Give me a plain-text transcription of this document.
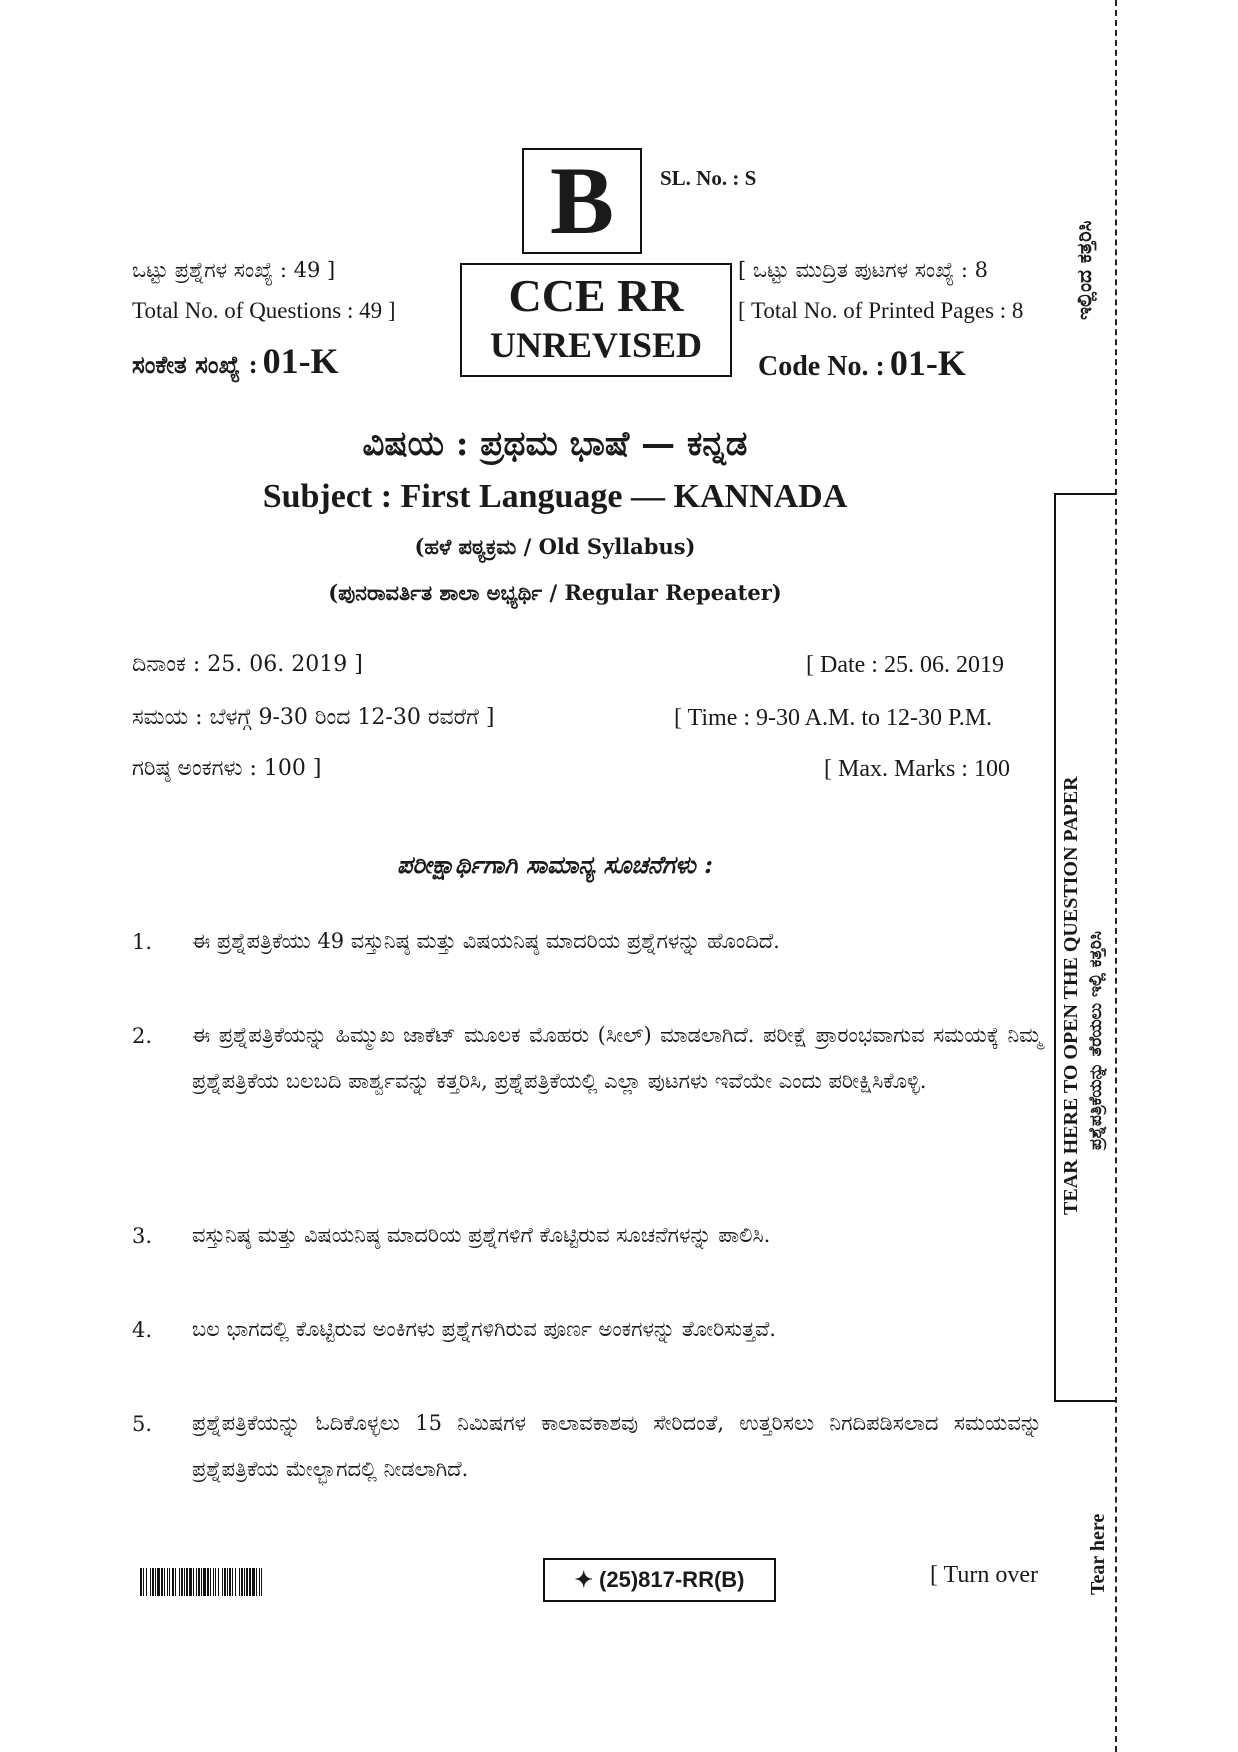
B	SL. No. : S
ಒಟ್ಟು ಪ್ರಶ್ನೆಗಳ ಸಂಖ್ಯೆ : 49 ]
Total No. of Questions : 49 ]
ಸಂಕೇತ ಸಂಖ್ಯೆ : 01-K
CCE RR
UNREVISED
[ ಒಟ್ಟು ಮುದ್ರಿತ ಪುಟಗಳ ಸಂಖ್ಯೆ : 8
[ Total No. of Printed Pages : 8
Code No. : 01-K
ವಿಷಯ : ಪ್ರಥಮ ಭಾಷೆ — ಕನ್ನಡ
Subject : First Language — KANNADA
(ಹಳೆ ಪಠ್ಯಕ್ರಮ / Old Syllabus)
(ಪುನರಾವರ್ತಿತ ಶಾಲಾ ಅಭ್ಯರ್ಥಿ / Regular Repeater)
ದಿನಾಂಕ : 25. 06. 2019 ]	[ Date : 25. 06. 2019
ಸಮಯ : ಬೆಳಗ್ಗೆ 9-30 ರಿಂದ 12-30 ರವರೆಗೆ ]	[ Time : 9-30 A.M. to 12-30 P.M.
ಗರಿಷ್ಠ ಅಂಕಗಳು : 100 ]	[ Max. Marks : 100
ಪರೀಕ್ಷಾರ್ಥಿಗಾಗಿ ಸಾಮಾನ್ಯ ಸೂಚನೆಗಳು :
1. ಈ ಪ್ರಶ್ನೆಪತ್ರಿಕೆಯು 49 ವಸ್ತುನಿಷ್ಠ ಮತ್ತು ವಿಷಯನಿಷ್ಠ ಮಾದರಿಯ ಪ್ರಶ್ನೆಗಳನ್ನು ಹೊಂದಿದೆ.
2. ಈ ಪ್ರಶ್ನೆಪತ್ರಿಕೆಯನ್ನು ಹಿಮ್ಮುಖ ಜಾಕೆಟ್ ಮೂಲಕ ಮೊಹರು (ಸೀಲ್) ಮಾಡಲಾಗಿದೆ. ಪರೀಕ್ಷೆ ಪ್ರಾರಂಭವಾಗುವ ಸಮಯಕ್ಕೆ ನಿಮ್ಮ ಪ್ರಶ್ನೆಪತ್ರಿಕೆಯ ಬಲಬದಿ ಪಾರ್ಶ್ವವನ್ನು ಕತ್ತರಿಸಿ, ಪ್ರಶ್ನೆಪತ್ರಿಕೆಯಲ್ಲಿ ಎಲ್ಲಾ ಪುಟಗಳು ಇವೆಯೇ ಎಂದು ಪರೀಕ್ಷಿಸಿಕೊಳ್ಳಿ.
3. ವಸ್ತುನಿಷ್ಠ ಮತ್ತು ವಿಷಯನಿಷ್ಠ ಮಾದರಿಯ ಪ್ರಶ್ನೆಗಳಿಗೆ ಕೊಟ್ಟಿರುವ ಸೂಚನೆಗಳನ್ನು ಪಾಲಿಸಿ.
4. ಬಲ ಭಾಗದಲ್ಲಿ ಕೊಟ್ಟಿರುವ ಅಂಕಿಗಳು ಪ್ರಶ್ನೆಗಳಿಗಿರುವ ಪೂರ್ಣ ಅಂಕಗಳನ್ನು ತೋರಿಸುತ್ತವೆ.
5. ಪ್ರಶ್ನೆಪತ್ರಿಕೆಯನ್ನು ಓದಿಕೊಳ್ಳಲು 15 ನಿಮಿಷಗಳ ಕಾಲಾವಕಾಶವು ಸೇರಿದಂತೆ, ಉತ್ತರಿಸಲು ನಿಗದಿಪಡಿಸಲಾದ ಸಮಯವನ್ನು ಪ್ರಶ್ನೆಪತ್ರಿಕೆಯ ಮೇಲ್ಭಾಗದಲ್ಲಿ ನೀಡಲಾಗಿದೆ.
ಇಲ್ಲಿಂದ ಕತ್ತರಿಸಿ
TEAR HERE TO OPEN THE QUESTION PAPER ಪ್ರಶ್ನೆಪತ್ರಿಕೆಯನ್ನು ತೆರೆಯಲು ಇಲ್ಲಿ ಕತ್ತರಿಸಿ
Tear here
✦ (25)817-RR(B)	[ Turn over
